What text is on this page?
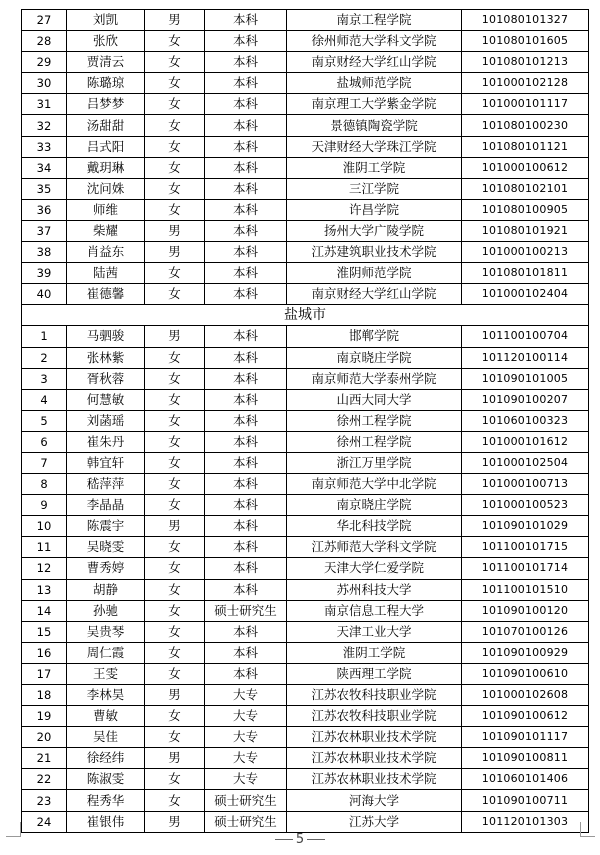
27	刘凯	男	本科	南京工程学院	101080101327
28	张欣	女	本科	徐州师范大学科文学院	101080101605
29	贾清云	女	本科	南京财经大学红山学院	101080101213
30	陈璐琼	女	本科	盐城师范学院	101000102128
31	吕梦梦	女	本科	南京理工大学紫金学院	101000101117
32	汤甜甜	女	本科	景德镇陶瓷学院	101080100230
33	吕式阳	女	本科	天津财经大学珠江学院	101080101121
34	戴玥琳	女	本科	淮阴工学院	101000100612
35	沈问姝	女	本科	三江学院	101080102101
36	师维	女	本科	许昌学院	101080100905
37	柴耀	男	本科	扬州大学广陵学院	101080101921
38	肖益东	男	本科	江苏建筑职业技术学院	101000100213
39	陆茜	女	本科	淮阴师范学院	101080101811
40	崔德馨	女	本科	南京财经大学红山学院	101000102404
盐城市					
1	马驷骏	男	本科	邯郸学院	101100100704
2	张林紫	女	本科	南京晓庄学院	101120100114
3	胥秋蓉	女	本科	南京师范大学泰州学院	101090101005
4	何慧敏	女	本科	山西大同大学	101090100207
5	刘菡瑶	女	本科	徐州工程学院	101060100323
6	崔朱丹	女	本科	徐州工程学院	101000101612
7	韩宜轩	女	本科	浙江万里学院	101000102504
8	嵇萍萍	女	本科	南京师范大学中北学院	101000100713
9	李晶晶	女	本科	南京晓庄学院	101000100523
10	陈震宇	男	本科	华北科技学院	101090101029
11	吴晓雯	女	本科	江苏师范大学科文学院	101100101715
12	曹秀婷	女	本科	天津大学仁爱学院	101100101714
13	胡静	女	本科	苏州科技大学	101100101510
14	孙驰	女	硕士研究生	南京信息工程大学	101090100120
15	吴贵琴	女	本科	天津工业大学	101070100126
16	周仁霞	女	本科	淮阴工学院	101090100929
17	王雯	女	本科	陕西理工学院	101090100610
18	李林昊	男	大专	江苏农牧科技职业学院	101000102608
19	曹敏	女	大专	江苏农牧科技职业学院	101090100612
20	吴佳	女	大专	江苏农林职业技术学院	101090101117
21	徐经纬	男	大专	江苏农林职业技术学院	101090100811
22	陈淑雯	女	大专	江苏农林职业技术学院	101060101406
23	程秀华	女	硕士研究生	河海大学	101090100711
24	崔银伟	男	硕士研究生	江苏大学	101120101303
5
